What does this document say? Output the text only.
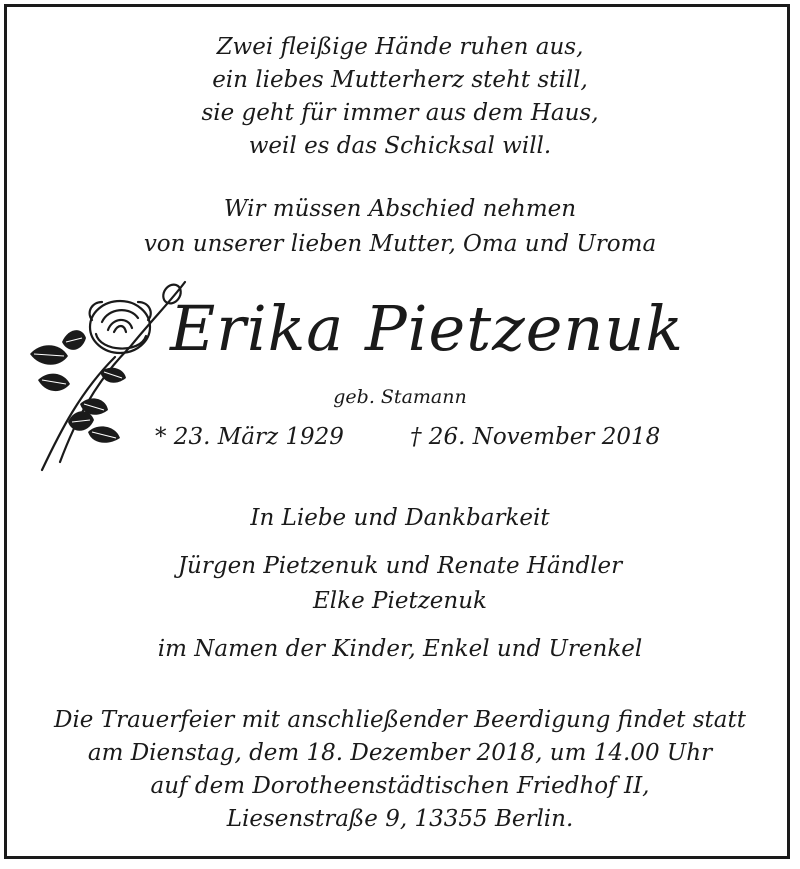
Zwei fleißige Hände ruhen aus,
ein liebes Mutterherz steht still,
sie geht für immer aus dem Haus,
weil es das Schicksal will.
Wir müssen Abschied nehmen
von unserer lieben Mutter, Oma und Uroma
Erika Pietzenuk
geb. Stamann
* 23. März 1929	† 26. November 2018
In Liebe und Dankbarkeit
Jürgen Pietzenuk und Renate Händler
Elke Pietzenuk
im Namen der Kinder, Enkel und Urenkel
Die Trauerfeier mit anschließender Beerdigung findet statt
am Dienstag, dem 18. Dezember 2018, um 14.00 Uhr
auf dem Dorotheenstädtischen Friedhof II,
Liesenstraße 9, 13355 Berlin.
